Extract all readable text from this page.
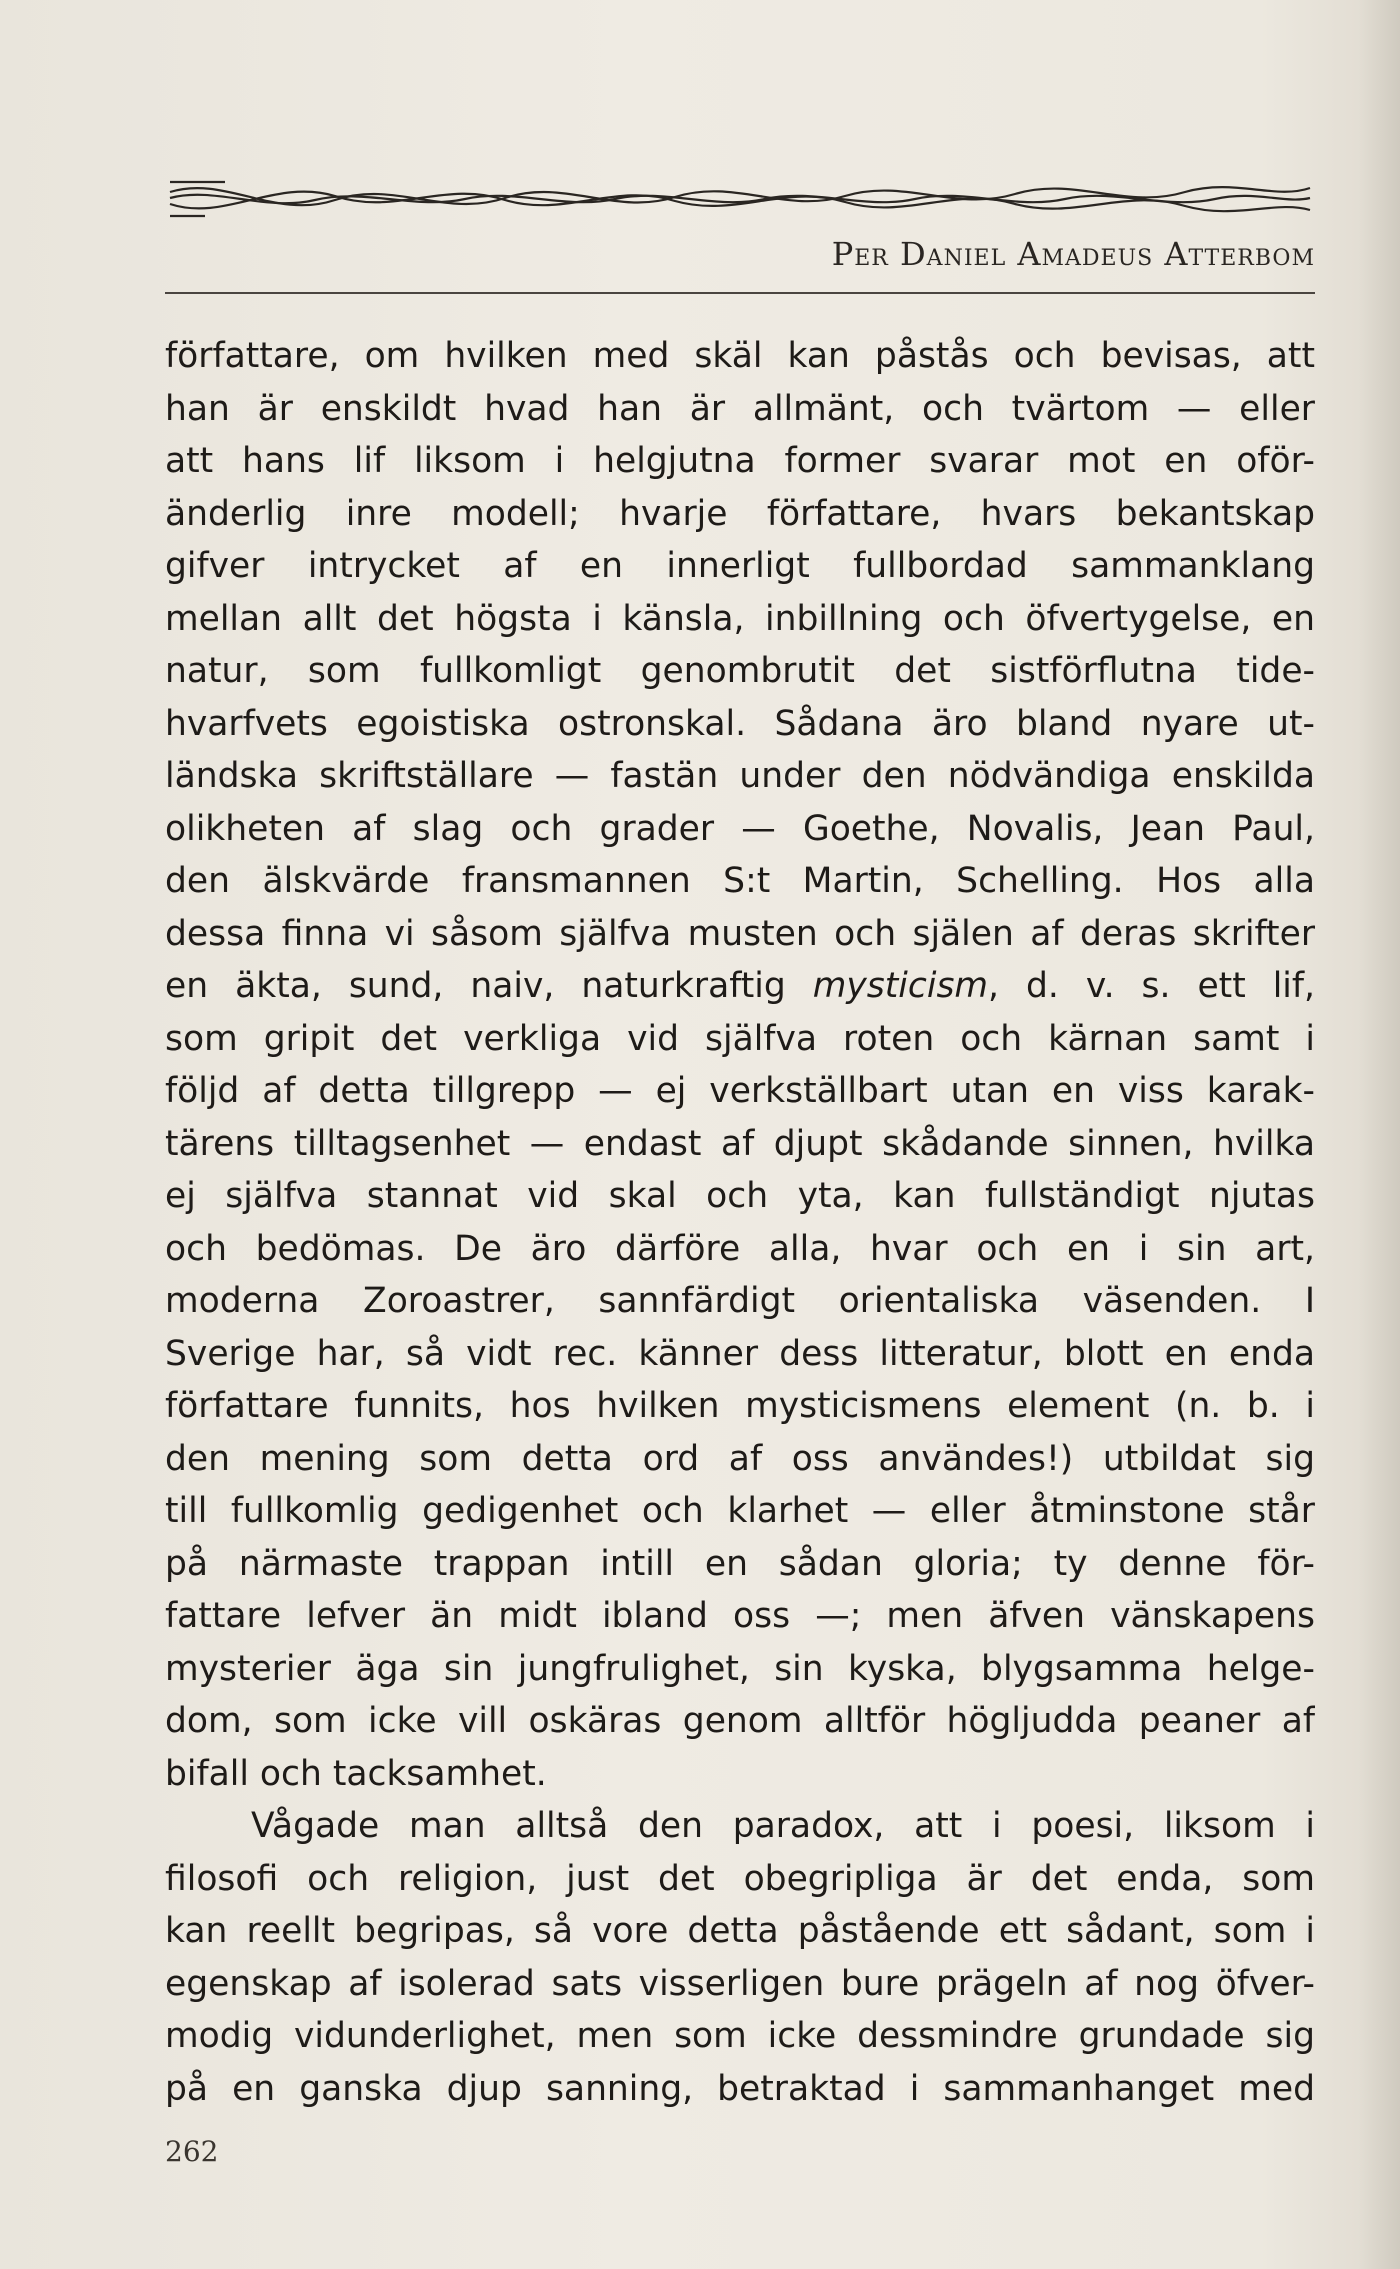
Per Daniel Amadeus Atterbom
författare, om hvilken med skäl kan påstås och bevisas, att
han är enskildt hvad han är allmänt, och tvärtom — eller
att hans lif liksom i helgjutna former svarar mot en oför-
änderlig inre modell; hvarje författare, hvars bekantskap
gifver intrycket af en innerligt fullbordad sammanklang
mellan allt det högsta i känsla, inbillning och öfvertygelse, en
natur, som fullkomligt genombrutit det sistförflutna tide-
hvarfvets egoistiska ostronskal. Sådana äro bland nyare ut-
ländska skriftställare — fastän under den nödvändiga enskilda
olikheten af slag och grader — Goethe, Novalis, Jean Paul,
den älskvärde fransmannen S:t Martin, Schelling. Hos alla
dessa finna vi såsom själfva musten och själen af deras skrifter
en äkta, sund, naiv, naturkraftig mysticism, d. v. s. ett lif,
som gripit det verkliga vid själfva roten och kärnan samt i
följd af detta tillgrepp — ej verkställbart utan en viss karak-
tärens tilltagsenhet — endast af djupt skådande sinnen, hvilka
ej själfva stannat vid skal och yta, kan fullständigt njutas
och bedömas. De äro därföre alla, hvar och en i sin art,
moderna Zoroastrer, sannfärdigt orientaliska väsenden. I
Sverige har, så vidt rec. känner dess litteratur, blott en enda
författare funnits, hos hvilken mysticismens element (n. b. i
den mening som detta ord af oss användes!) utbildat sig
till fullkomlig gedigenhet och klarhet — eller åtminstone står
på närmaste trappan intill en sådan gloria; ty denne för-
fattare lefver än midt ibland oss —; men äfven vänskapens
mysterier äga sin jungfrulighet, sin kyska, blygsamma helge-
dom, som icke vill oskäras genom alltför högljudda peaner af
bifall och tacksamhet.
Vågade man alltså den paradox, att i poesi, liksom i
filosofi och religion, just det obegripliga är det enda, som
kan reellt begripas, så vore detta påstående ett sådant, som i
egenskap af isolerad sats visserligen bure prägeln af nog öfver-
modig vidunderlighet, men som icke dessmindre grundade sig
på en ganska djup sanning, betraktad i sammanhanget med
262
